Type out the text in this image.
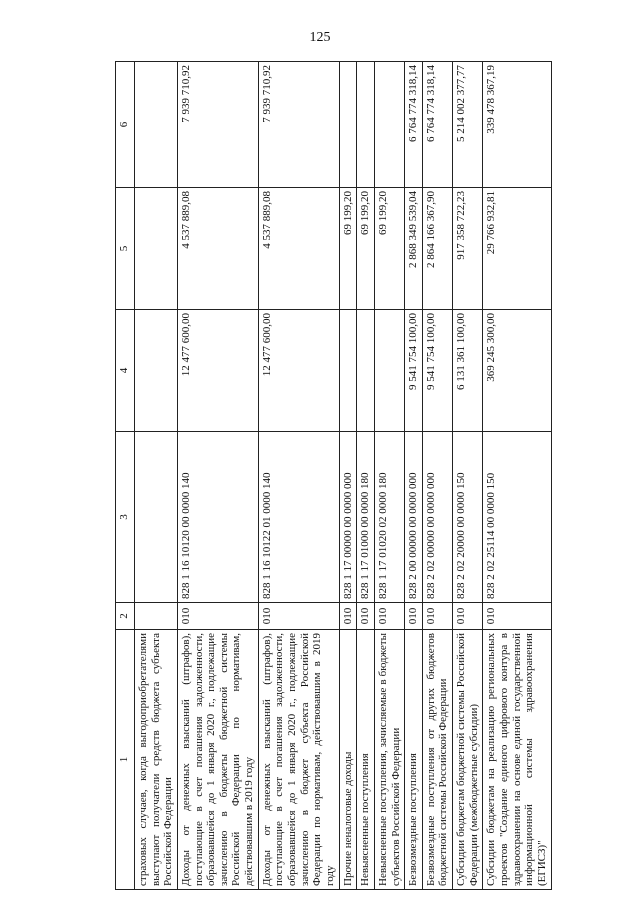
125
1	2	3	4	5	6
страховых случаев, когда выгодоприобретателями выступают получатели средств бюджета субъекта Российской Федерации					
Доходы от денежных взысканий (штрафов), поступающие в счет погашения задолженности, образовавшейся до 1 января 2020 г., подлежащие зачислению в бюджеты бюджетной системы Российской Федерации по нормативам, действовавшим в 2019 году	010	828 1 16 10120 00 0000 140	12 477 600,00	4 537 889,08	7 939 710,92
Доходы от денежных взысканий (штрафов), поступающие в счет погашения задолженности, образовавшейся до 1 января 2020 г., подлежащие зачислению в бюджет субъекта Российской Федерации по нормативам, действовавшим в 2019 году	010	828 1 16 10122 01 0000 140	12 477 600,00	4 537 889,08	7 939 710,92
Прочие неналоговые доходы	010	828 1 17 00000 00 0000 000		69 199,20	
Невыясненные поступления	010	828 1 17 01000 00 0000 180		69 199,20	
Невыясненные поступления, зачисляемые в бюджеты субъектов Российской Федерации	010	828 1 17 01020 02 0000 180		69 199,20	
Безвозмездные поступления	010	828 2 00 00000 00 0000 000	9 541 754 100,00	2 868 349 539,04	6 764 774 318,14
Безвозмездные поступления от других бюджетов бюджетной системы Российской Федерации	010	828 2 02 00000 00 0000 000	9 541 754 100,00	2 864 166 367,90	6 764 774 318,14
Субсидии бюджетам бюджетной системы Российской Федерации (межбюджетные субсидии)	010	828 2 02 20000 00 0000 150	6 131 361 100,00	917 358 722,23	5 214 002 377,77
Субсидии бюджетам на реализацию региональных проектов "Создание единого цифрового контура в здравоохранении на основе единой государственной информационной системы здравоохранения (ЕГИСЗ)"	010	828 2 02 25114 00 0000 150	369 245 300,00	29 766 932,81	339 478 367,19
